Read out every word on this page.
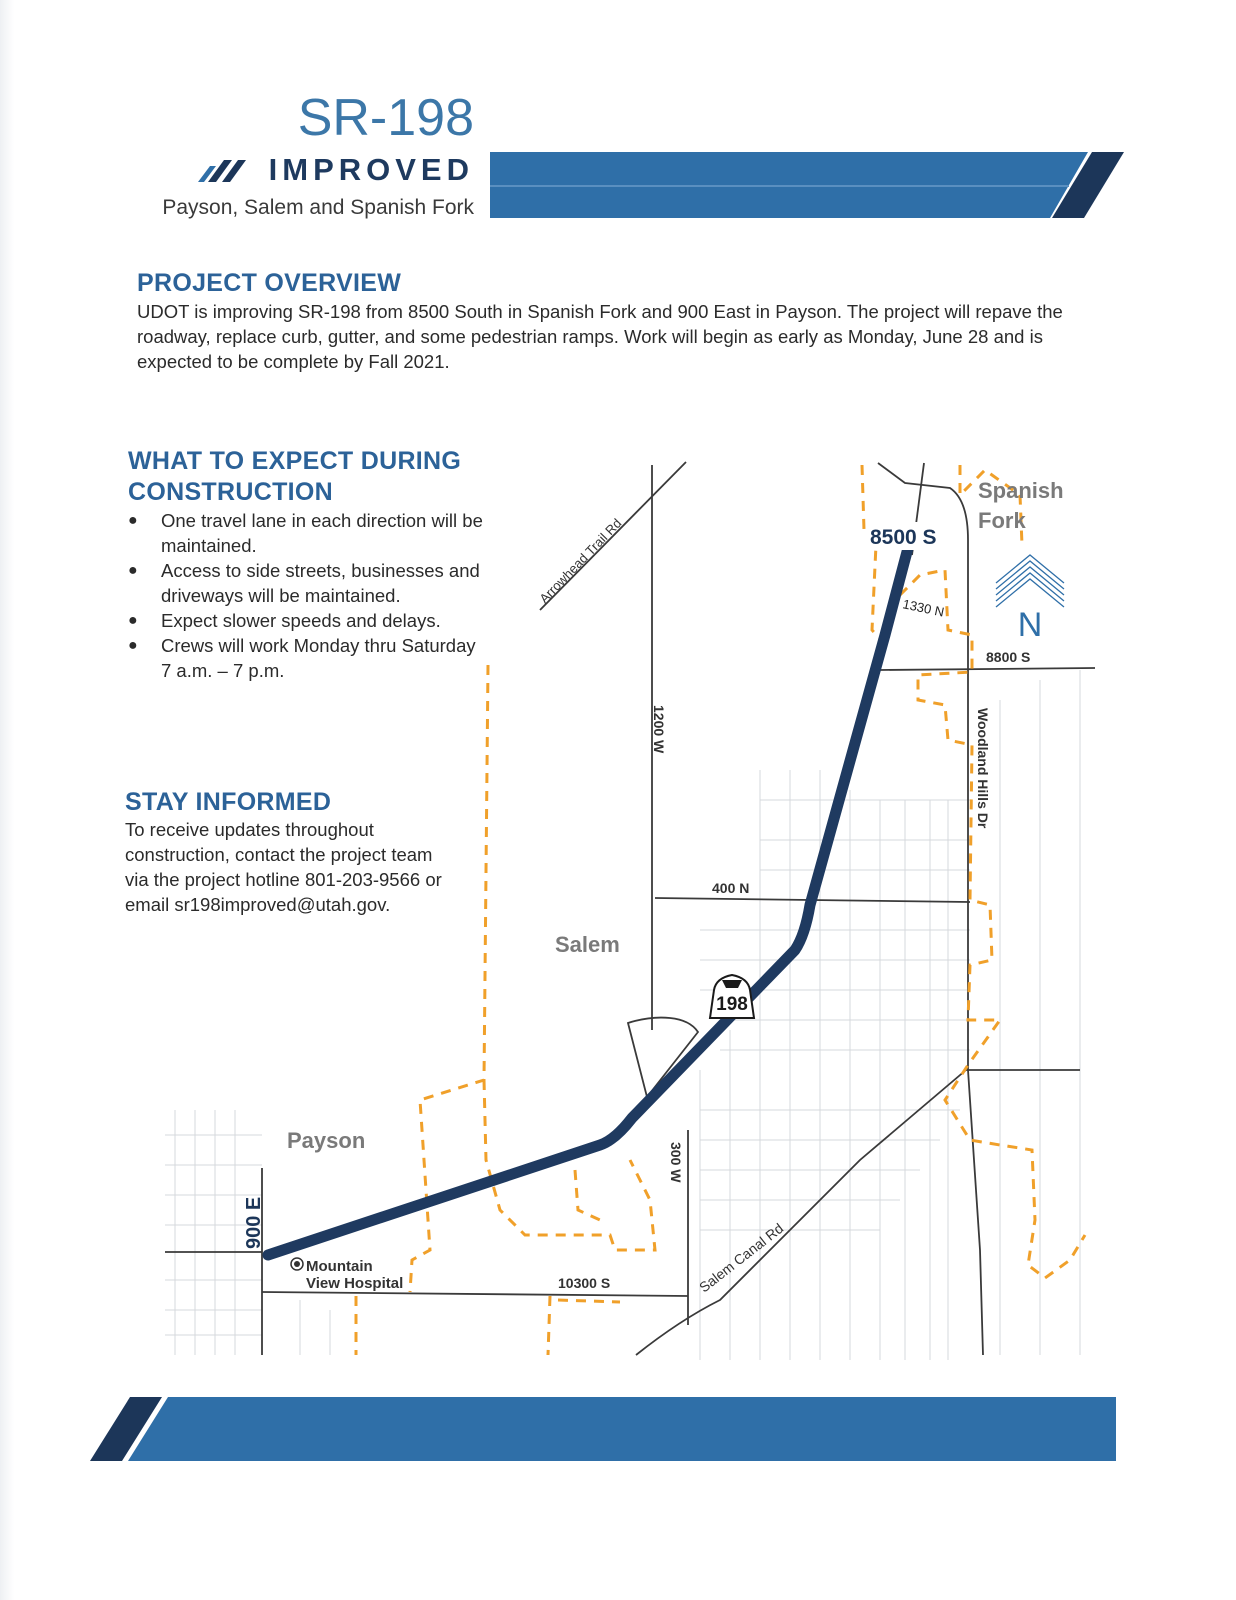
SR-198
IMPROVED
Payson, Salem and Spanish Fork
PROJECT OVERVIEW
UDOT is improving SR-198 from 8500 South in Spanish Fork and 900 East in Payson. The project will repave the roadway, replace curb, gutter, and some pedestrian ramps. Work will begin as early as Monday, June 28 and is expected to be complete by Fall 2021.
WHAT TO EXPECT DURING CONSTRUCTION
● One travel lane in each direction will be maintained.
● Access to side streets, businesses and driveways will be maintained.
● Expect slower speeds and delays.
● Crews will work Monday thru Saturday 7 a.m. – 7 p.m.
STAY INFORMED
To receive updates throughout construction, contact the project team via the project hotline 801-203-9566 or email sr198improved@utah.gov.
198
N
Spanish Fork
Salem
Payson
8500 S
1330 N
8800 S
Woodland Hills Dr
1200 W
Arrowhead Trail Rd
400 N
300 W
10300 S	Salem Canal Rd
900 E
Mountain
View Hospital
